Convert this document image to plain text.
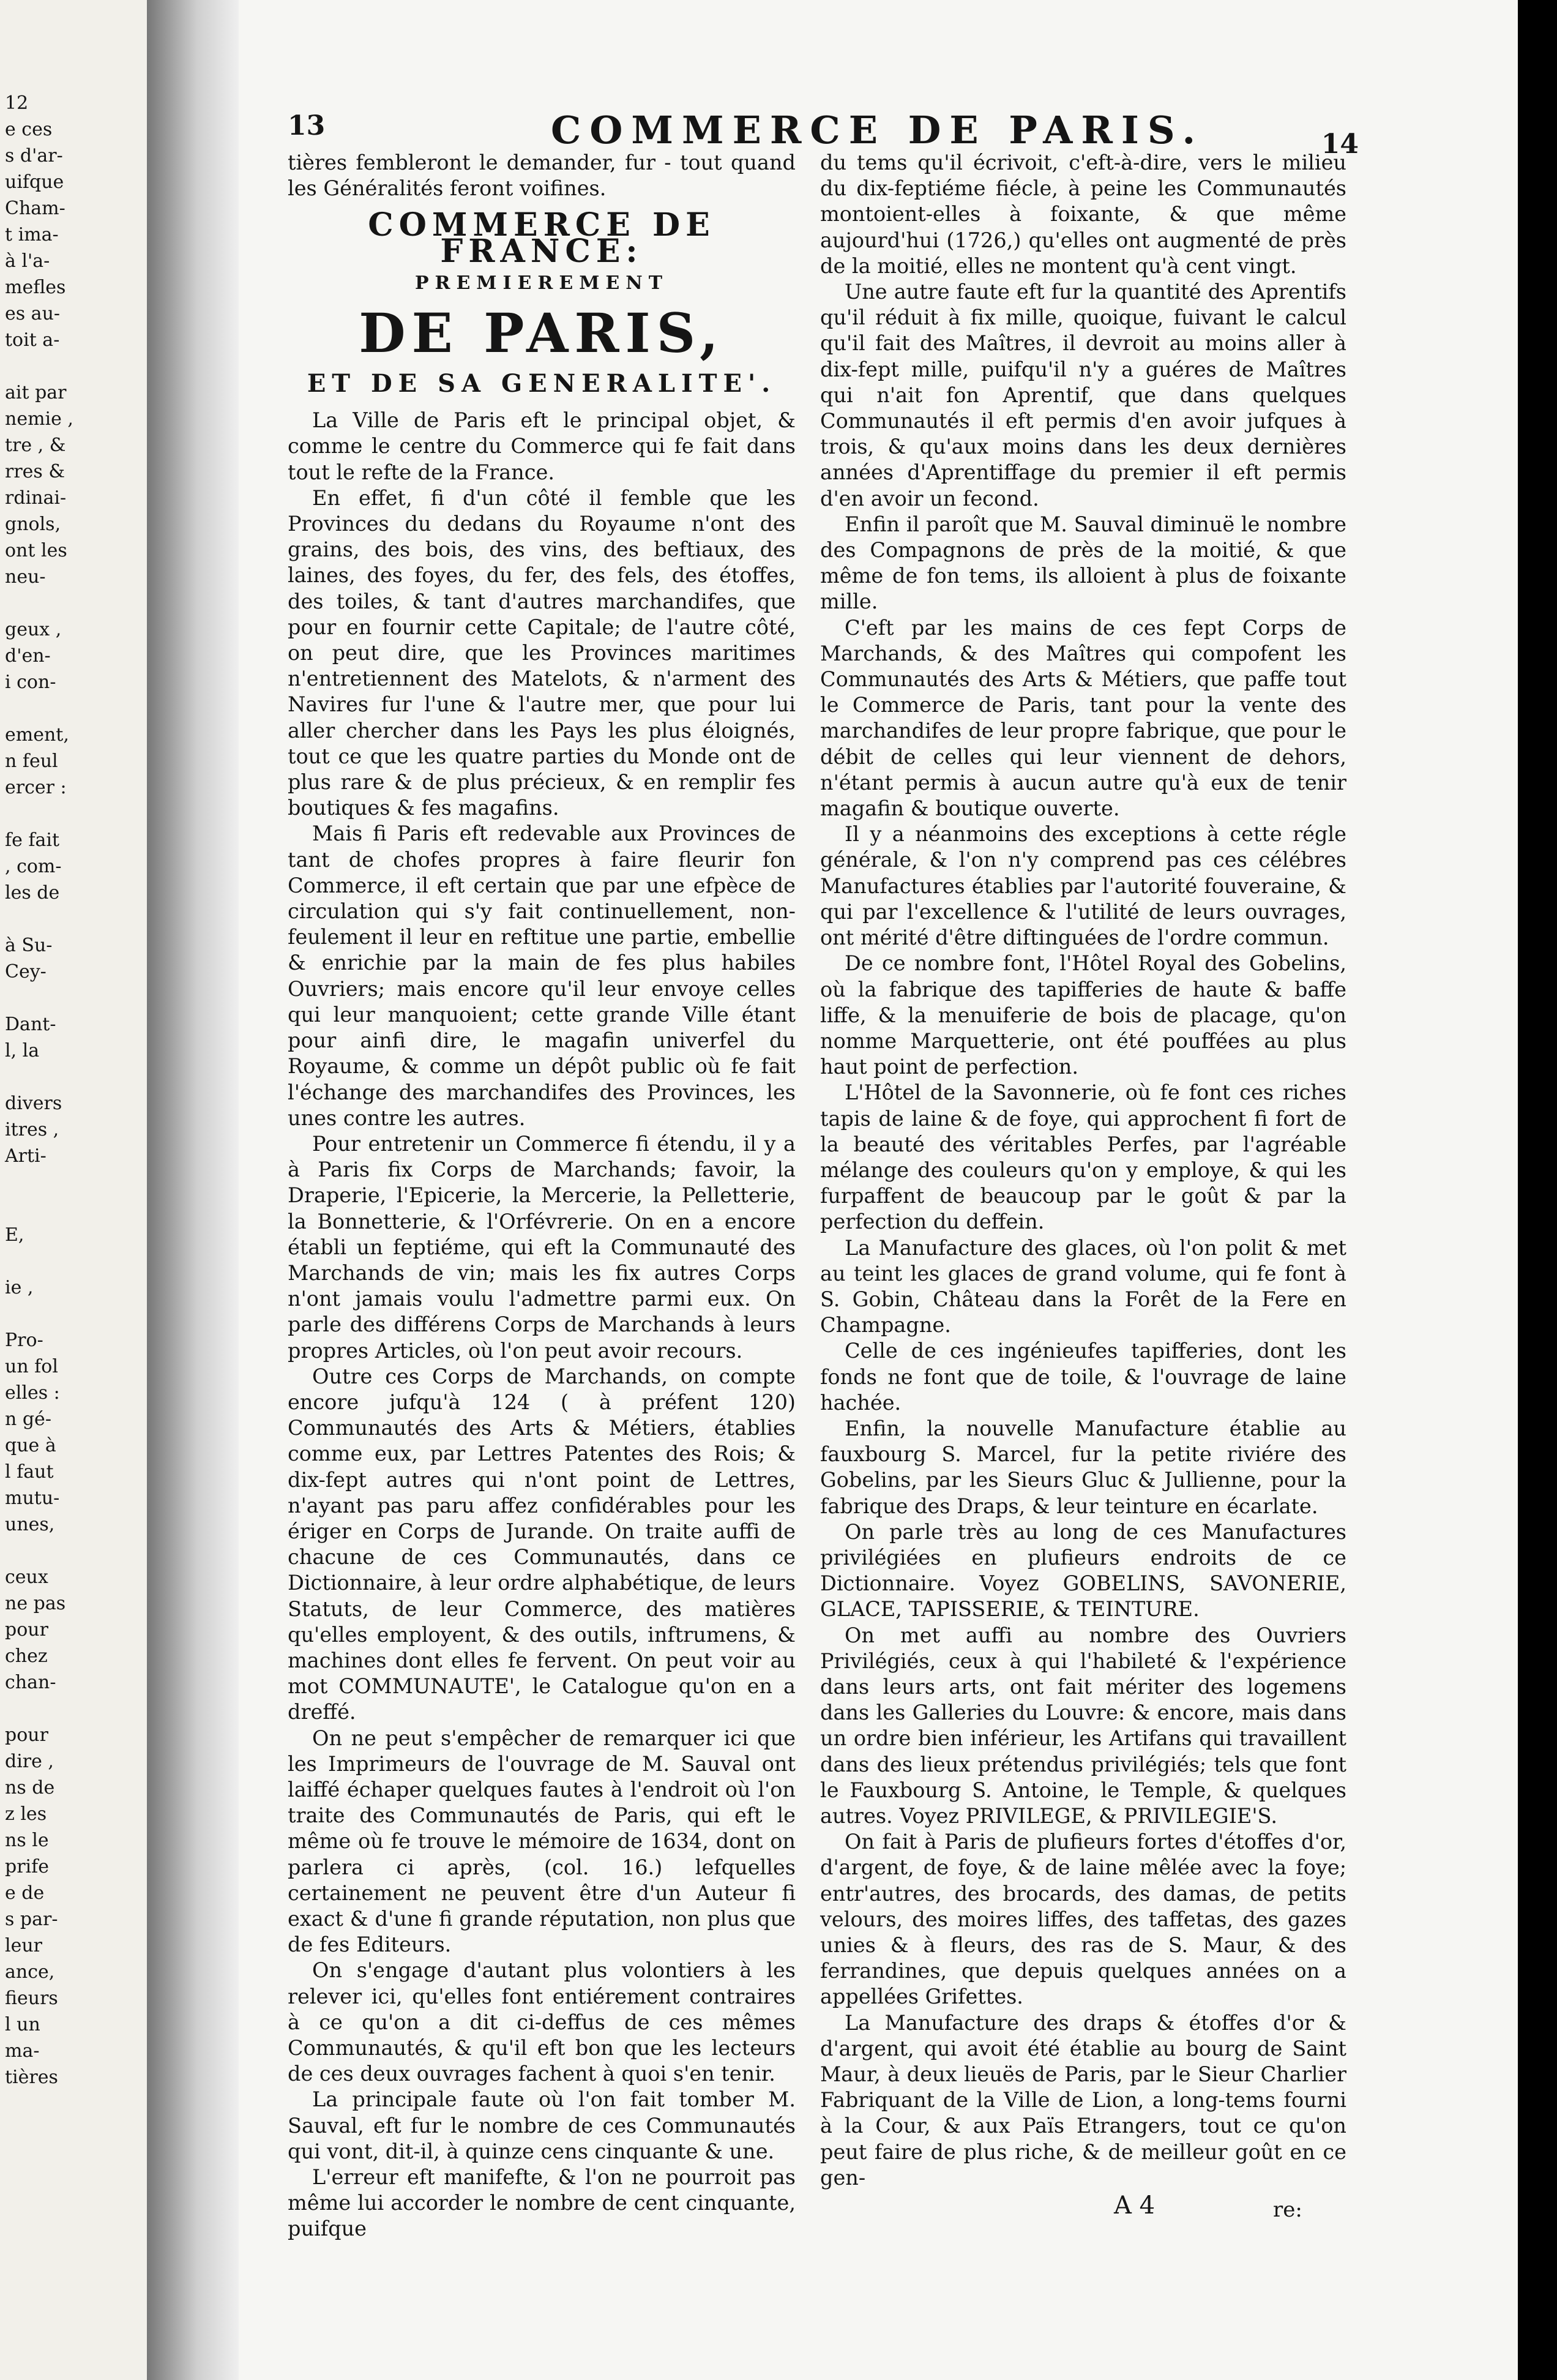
12
e ces
s d'ar-
uifque
Cham-
t ima-
à l'a-
mefles
es au-
toit a-
ait par
nemie ,
tre , &
rres &
rdinai-
gnols,
ont les
neu-
geux ,
d'en-
i con-
ement,
n feul
ercer :
fe fait
, com-
les de
à Su-
Cey-
Dant-
l, la
divers
itres ,
Arti-
E,
ie ,
Pro-
un fol
elles :
n gé-
que à
l faut
mutu-
unes,
ceux
ne pas
pour
chez
chan-
pour
dire ,
ns de
z les
ns le
prife
e de
s par-
leur
ance,
fieurs
l un
ma-
tières
13	COMMERCE DE PARIS.	14

tières fembleront le demander, fur - tout quand les Généralités feront voifines.

COMMERCE DE FRANCE:
PREMIEREMENT
DE PARIS,
ET DE SA GENERALITE'.

La Ville de Paris eft le principal objet, & comme le centre du Commerce qui fe fait dans tout le refte de la France.

En effet, fi d'un côté il femble que les Provinces du dedans du Royaume n'ont des grains, des bois, des vins, des beftiaux, des laines, des foyes, du fer, des fels, des étoffes, des toiles, & tant d'autres marchandifes, que pour en fournir cette Capitale; de l'autre côté, on peut dire, que les Provinces maritimes n'entretiennent des Matelots, & n'arment des Navires fur l'une & l'autre mer, que pour lui aller chercher dans les Pays les plus éloignés, tout ce que les quatre parties du Monde ont de plus rare & de plus précieux, & en remplir fes boutiques & fes magafins.

Mais fi Paris eft redevable aux Provinces de tant de chofes propres à faire fleurir fon Commerce, il eft certain que par une efpèce de circulation qui s'y fait continuellement, non-feulement il leur en reftitue une partie, embellie & enrichie par la main de fes plus habiles Ouvriers; mais encore qu'il leur envoye celles qui leur manquoient; cette grande Ville étant pour ainfi dire, le magafin univerfel du Royaume, & comme un dépôt public où fe fait l'échange des marchandifes des Provinces, les unes contre les autres.

Pour entretenir un Commerce fi étendu, il y a à Paris fix Corps de Marchands; favoir, la Draperie, l'Epicerie, la Mercerie, la Pelletterie, la Bonnetterie, & l'Orfévrerie. On en a encore établi un feptiéme, qui eft la Communauté des Marchands de vin; mais les fix autres Corps n'ont jamais voulu l'admettre parmi eux. On parle des différens Corps de Marchands à leurs propres Articles, où l'on peut avoir recours.

Outre ces Corps de Marchands, on compte encore jufqu'à 124 ( à préfent 120) Communautés des Arts & Métiers, établies comme eux, par Lettres Patentes des Rois; & dix-fept autres qui n'ont point de Lettres, n'ayant pas paru affez confidérables pour les ériger en Corps de Jurande. On traite auffi de chacune de ces Communautés, dans ce Dictionnaire, à leur ordre alphabétique, de leurs Statuts, de leur Commerce, des matières qu'elles employent, & des outils, inftrumens, & machines dont elles fe fervent. On peut voir au mot COMMUNAUTE', le Catalogue qu'on en a dreffé.

On ne peut s'empêcher de remarquer ici que les Imprimeurs de l'ouvrage de M. Sauval ont laiffé échaper quelques fautes à l'endroit où l'on traite des Communautés de Paris, qui eft le même où fe trouve le mémoire de 1634, dont on parlera ci après, (col. 16.) lefquelles certainement ne peuvent être d'un Auteur fi exact & d'une fi grande réputation, non plus que de fes Editeurs.

On s'engage d'autant plus volontiers à les relever ici, qu'elles font entiérement contraires à ce qu'on a dit ci-deffus de ces mêmes Communautés, & qu'il eft bon que les lecteurs de ces deux ouvrages fachent à quoi s'en tenir.

La principale faute où l'on fait tomber M. Sauval, eft fur le nombre de ces Communautés qui vont, dit-il, à quinze cens cinquante & une.

L'erreur eft manifefte, & l'on ne pourroit pas même lui accorder le nombre de cent cinquante, puifque

du tems qu'il écrivoit, c'eft-à-dire, vers le milieu du dix-feptiéme fiécle, à peine les Communautés montoient-elles à foixante, & que même aujourd'hui (1726,) qu'elles ont augmenté de près de la moitié, elles ne montent qu'à cent vingt.

Une autre faute eft fur la quantité des Aprentifs qu'il réduit à fix mille, quoique, fuivant le calcul qu'il fait des Maîtres, il devroit au moins aller à dix-fept mille, puifqu'il n'y a guéres de Maîtres qui n'ait fon Aprentif, que dans quelques Communautés il eft permis d'en avoir jufques à trois, & qu'aux moins dans les deux dernières années d'Aprentiffage du premier il eft permis d'en avoir un fecond.

Enfin il paroît que M. Sauval diminuë le nombre des Compagnons de près de la moitié, & que même de fon tems, ils alloient à plus de foixante mille.

C'eft par les mains de ces fept Corps de Marchands, & des Maîtres qui compofent les Communautés des Arts & Métiers, que paffe tout le Commerce de Paris, tant pour la vente des marchandifes de leur propre fabrique, que pour le débit de celles qui leur viennent de dehors, n'étant permis à aucun autre qu'à eux de tenir magafin & boutique ouverte.

Il y a néanmoins des exceptions à cette régle générale, & l'on n'y comprend pas ces célébres Manufactures établies par l'autorité fouveraine, & qui par l'excellence & l'utilité de leurs ouvrages, ont mérité d'être diftinguées de l'ordre commun.

De ce nombre font, l'Hôtel Royal des Gobelins, où la fabrique des tapifferies de haute & baffe liffe, & la menuiferie de bois de placage, qu'on nomme Marquetterie, ont été pouffées au plus haut point de perfection.

L'Hôtel de la Savonnerie, où fe font ces riches tapis de laine & de foye, qui approchent fi fort de la beauté des véritables Perfes, par l'agréable mélange des couleurs qu'on y employe, & qui les furpaffent de beaucoup par le goût & par la perfection du deffein.

La Manufacture des glaces, où l'on polit & met au teint les glaces de grand volume, qui fe font à S. Gobin, Château dans la Forêt de la Fere en Champagne.

Celle de ces ingénieufes tapifferies, dont les fonds ne font que de toile, & l'ouvrage de laine hachée.

Enfin, la nouvelle Manufacture établie au fauxbourg S. Marcel, fur la petite riviére des Gobelins, par les Sieurs Gluc & Jullienne, pour la fabrique des Draps, & leur teinture en écarlate.

On parle très au long de ces Manufactures privilégiées en plufieurs endroits de ce Dictionnaire. Voyez GOBELINS, SAVONERIE, GLACE, TAPISSERIE, & TEINTURE.

On met auffi au nombre des Ouvriers Privilégiés, ceux à qui l'habileté & l'expérience dans leurs arts, ont fait mériter des logemens dans les Galleries du Louvre: & encore, mais dans un ordre bien inférieur, les Artifans qui travaillent dans des lieux prétendus privilégiés; tels que font le Fauxbourg S. Antoine, le Temple, & quelques autres. Voyez PRIVILEGE, & PRIVILEGIE'S.

On fait à Paris de plufieurs fortes d'étoffes d'or, d'argent, de foye, & de laine mêlée avec la foye; entr'autres, des brocards, des damas, de petits velours, des moires liffes, des taffetas, des gazes unies & à fleurs, des ras de S. Maur, & des ferrandines, que depuis quelques années on a appellées Grifettes.

La Manufacture des draps & étoffes d'or & d'argent, qui avoit été établie au bourg de Saint Maur, à deux lieuës de Paris, par le Sieur Charlier Fabriquant de la Ville de Lion, a long-tems fourni à la Cour, & aux Païs Etrangers, tout ce qu'on peut faire de plus riche, & de meilleur goût en ce gen-

A 4	re:
